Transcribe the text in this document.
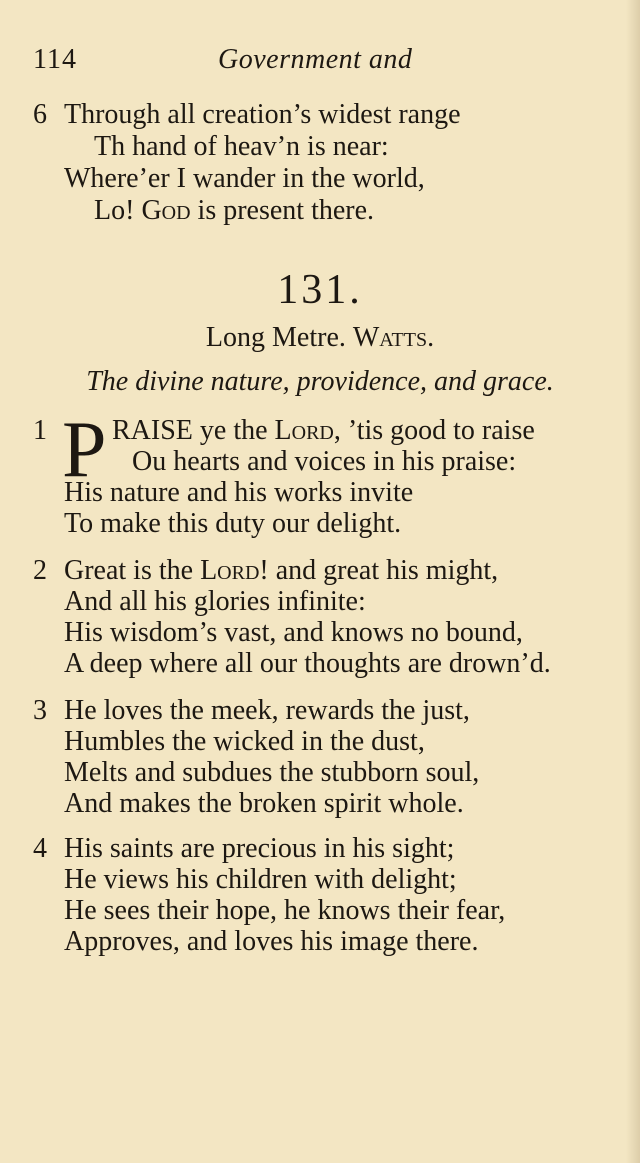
114	Government and
6 Through all creation’s widest range
Th hand of heav’n is near:
Where’er I wander in the world,
Lo! God is present there.
131.
Long Metre. Watts.
The divine nature, providence, and grace.
1 P RAISE ye the Lord, ’tis good to raise
Ou hearts and voices in his praise:
His nature and his works invite
To make this duty our delight.
2 Great is the Lord! and great his might,
And all his glories infinite:
His wisdom’s vast, and knows no bound,
A deep where all our thoughts are drown’d.
3 He loves the meek, rewards the just,
Humbles the wicked in the dust,
Melts and subdues the stubborn soul,
And makes the broken spirit whole.
4 His saints are precious in his sight;
He views his children with delight;
He sees their hope, he knows their fear,
Approves, and loves his image there.
